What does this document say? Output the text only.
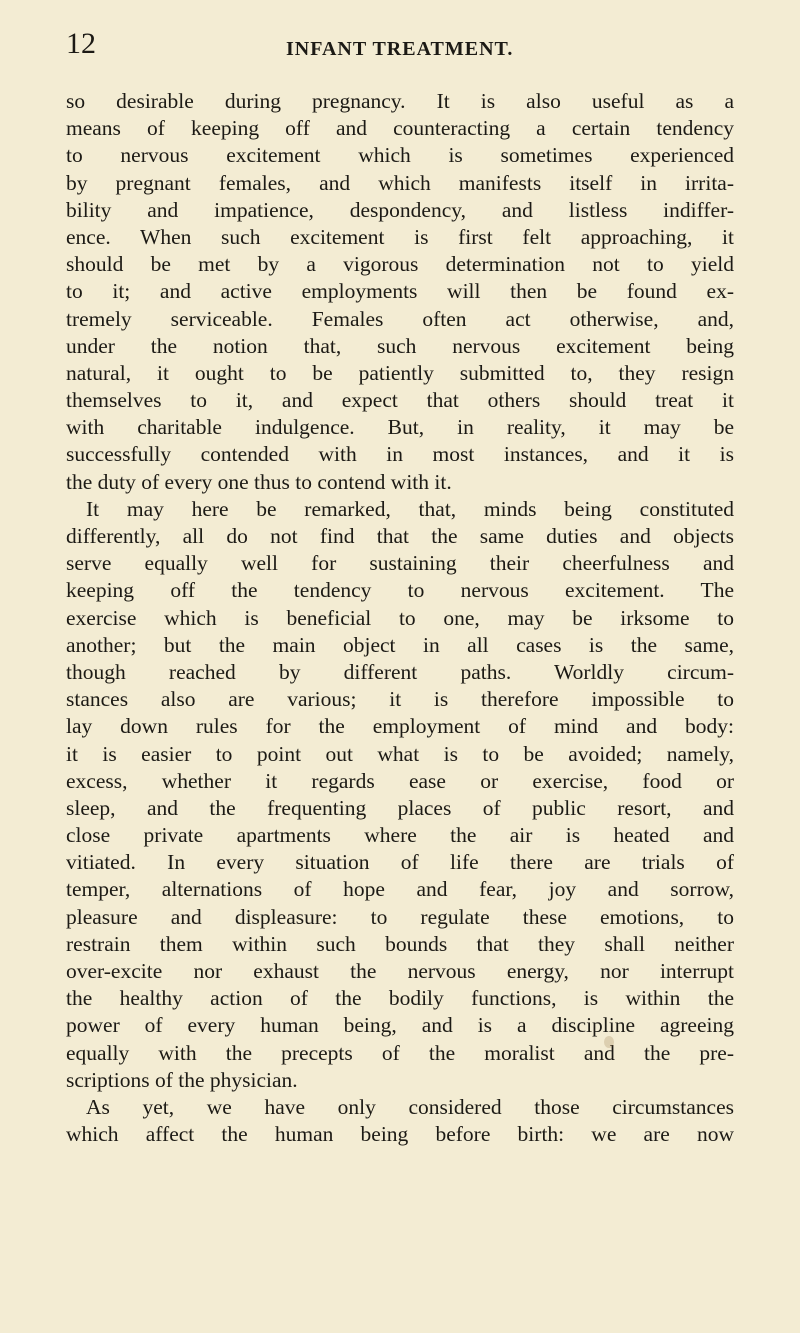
12	INFANT TREATMENT.
so desirable during pregnancy. It is also useful as a
means of keeping off and counteracting a certain tendency
to nervous excitement which is sometimes experienced
by pregnant females, and which manifests itself in irrita-
bility and impatience, despondency, and listless indiffer-
ence. When such excitement is first felt approaching, it
should be met by a vigorous determination not to yield
to it; and active employments will then be found ex-
tremely serviceable. Females often act otherwise, and,
under the notion that, such nervous excitement being
natural, it ought to be patiently submitted to, they resign
themselves to it, and expect that others should treat it
with charitable indulgence. But, in reality, it may be
successfully contended with in most instances, and it is
the duty of every one thus to contend with it.
It may here be remarked, that, minds being constituted
differently, all do not find that the same duties and objects
serve equally well for sustaining their cheerfulness and
keeping off the tendency to nervous excitement. The
exercise which is beneficial to one, may be irksome to
another; but the main object in all cases is the same,
though reached by different paths. Worldly circum-
stances also are various; it is therefore impossible to
lay down rules for the employment of mind and body:
it is easier to point out what is to be avoided; namely,
excess, whether it regards ease or exercise, food or
sleep, and the frequenting places of public resort, and
close private apartments where the air is heated and
vitiated. In every situation of life there are trials of
temper, alternations of hope and fear, joy and sorrow,
pleasure and displeasure: to regulate these emotions, to
restrain them within such bounds that they shall neither
over-excite nor exhaust the nervous energy, nor interrupt
the healthy action of the bodily functions, is within the
power of every human being, and is a discipline agreeing
equally with the precepts of the moralist and the pre-
scriptions of the physician.
As yet, we have only considered those circumstances
which affect the human being before birth: we are now
